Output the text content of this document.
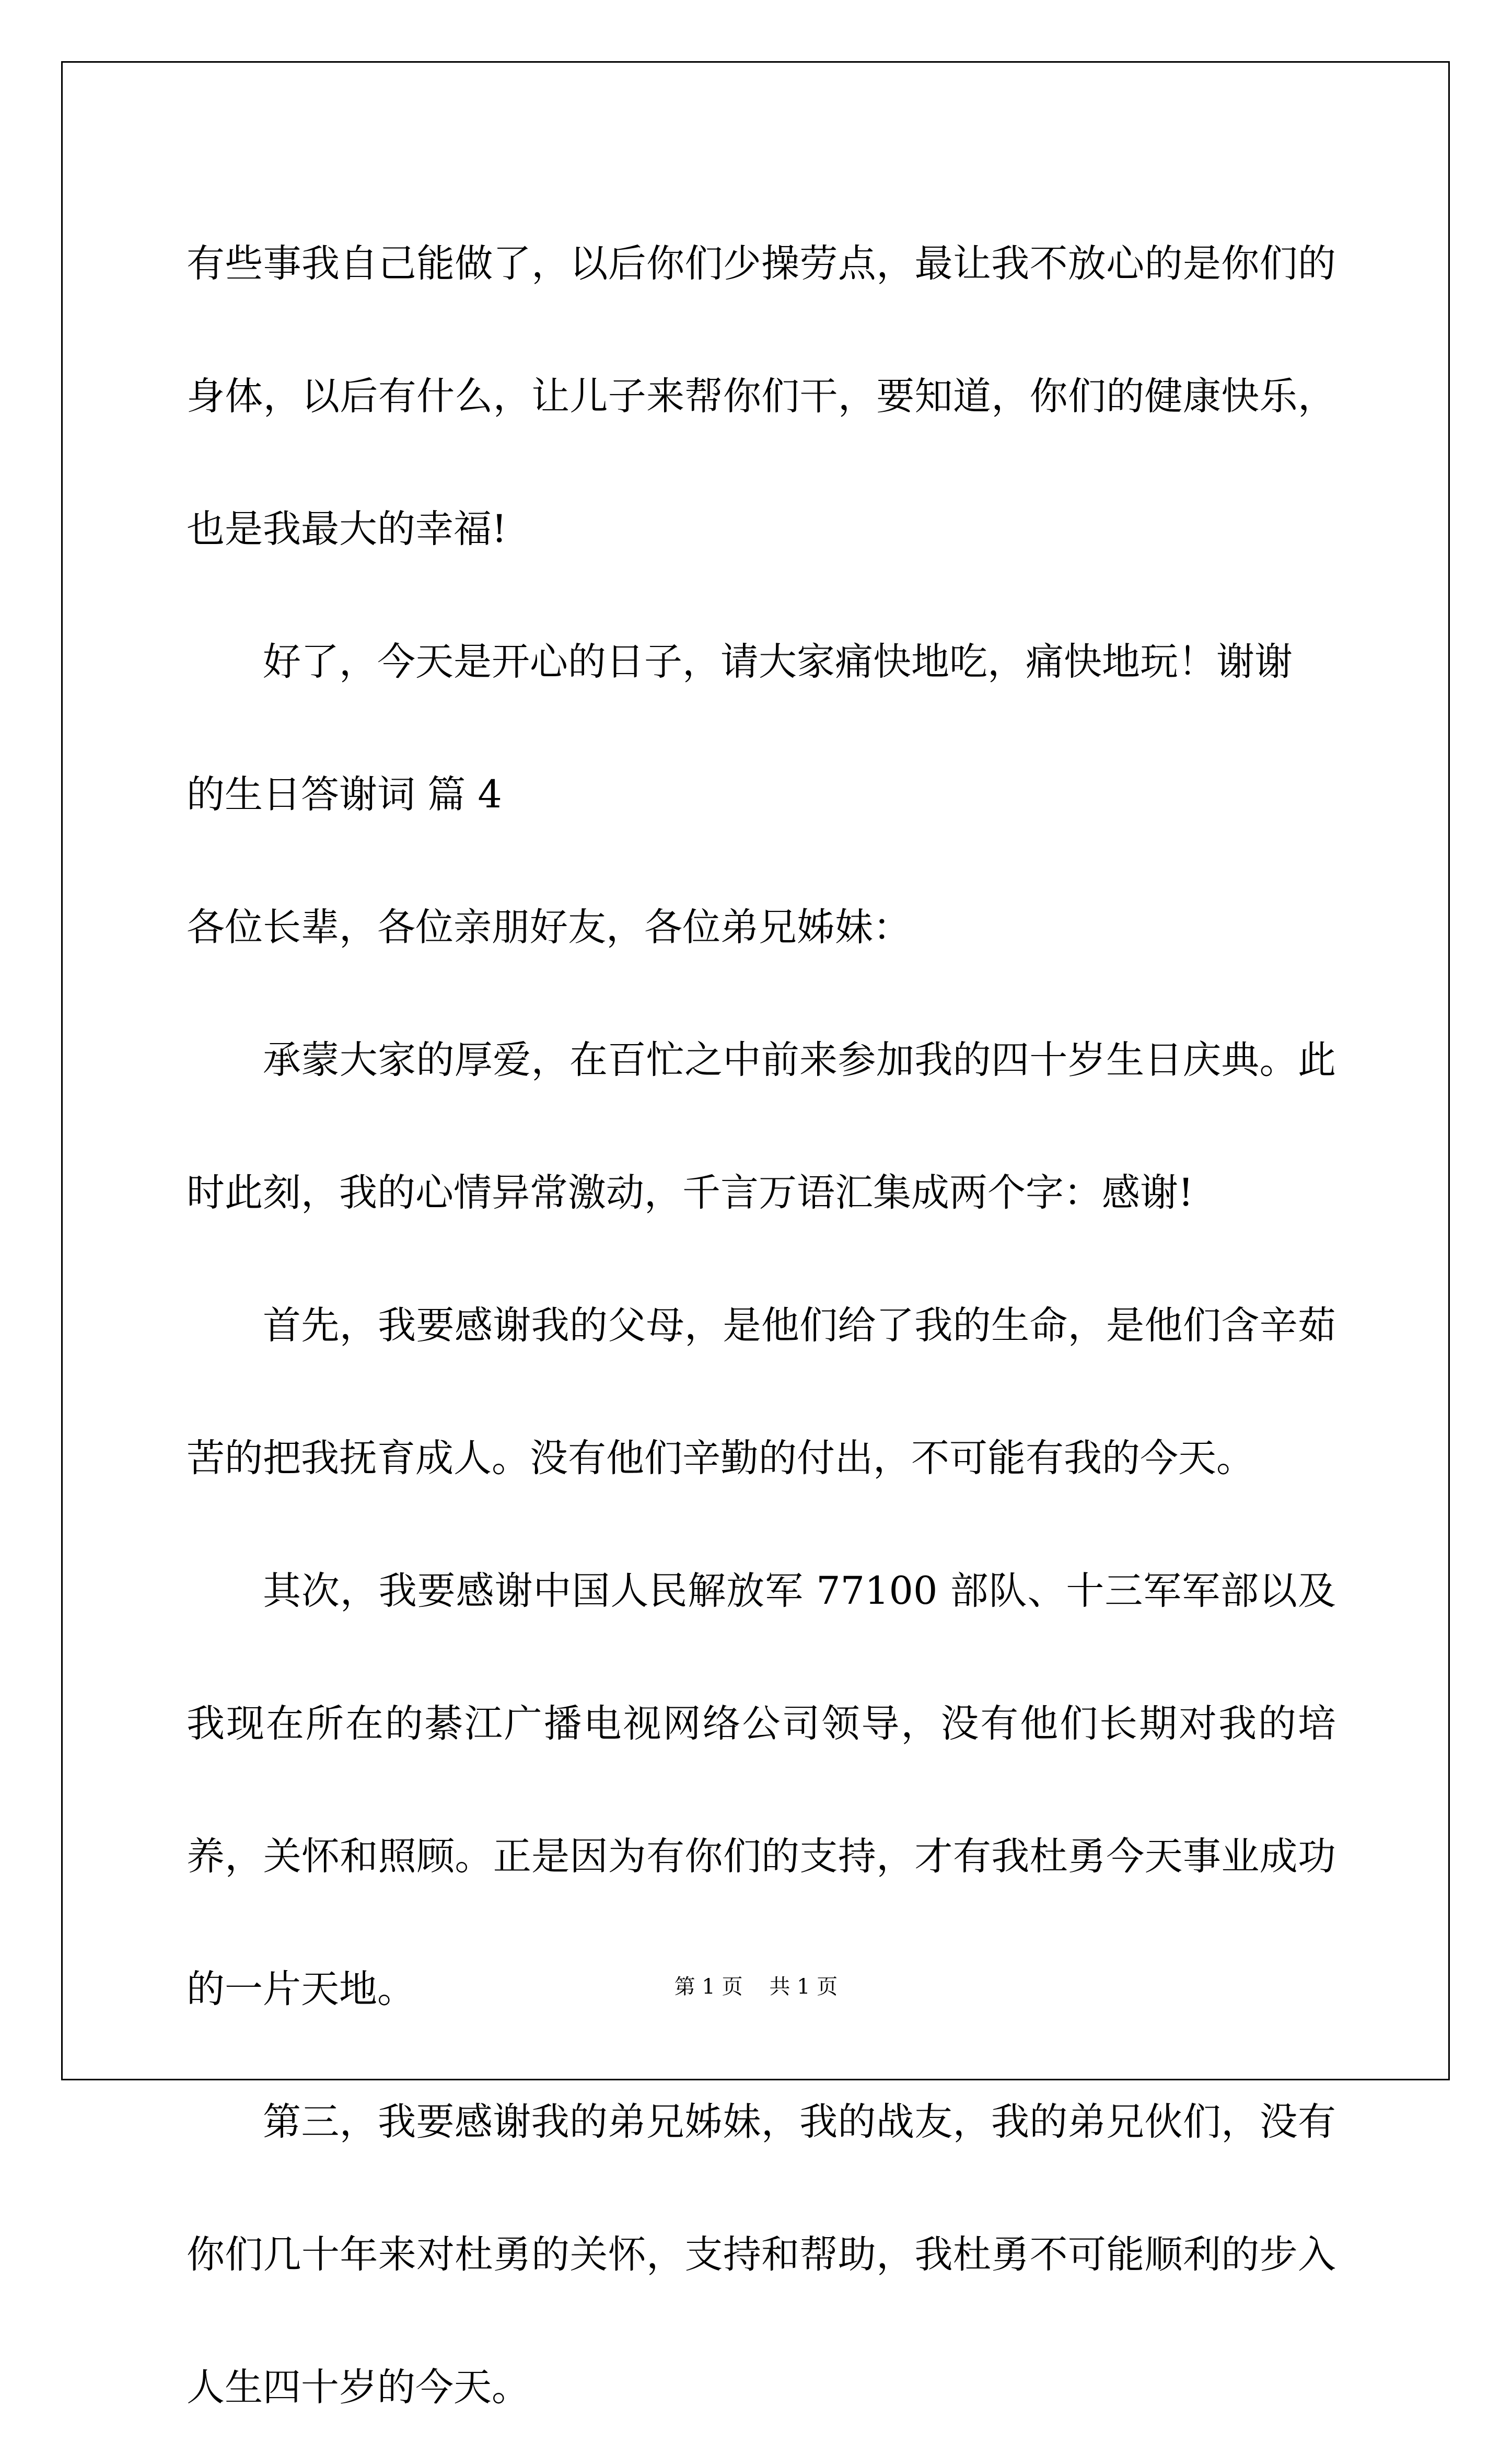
有些事我自己能做了，以后你们少操劳点，最让我不放心的是你们的身体，以后有什么，让儿子来帮你们干，要知道，你们的健康快乐，也是我最大的幸福!

好了，今天是开心的日子，请大家痛快地吃，痛快地玩！谢谢

的生日答谢词 篇 4

各位长辈，各位亲朋好友，各位弟兄姊妹：

承蒙大家的厚爱，在百忙之中前来参加我的四十岁生日庆典。此时此刻，我的心情异常激动，千言万语汇集成两个字：感谢!

首先，我要感谢我的父母，是他们给了我的生命，是他们含辛茹苦的把我抚育成人。没有他们辛勤的付出，不可能有我的今天。

其次，我要感谢中国人民解放军 77100 部队、十三军军部以及我现在所在的綦江广播电视网络公司领导，没有他们长期对我的培养，关怀和照顾。正是因为有你们的支持，才有我杜勇今天事业成功的一片天地。

第三，我要感谢我的弟兄姊妹，我的战友，我的弟兄伙们，没有你们几十年来对杜勇的关怀，支持和帮助，我杜勇不可能顺利的步入人生四十岁的今天。

第 1 页    共 1 页
